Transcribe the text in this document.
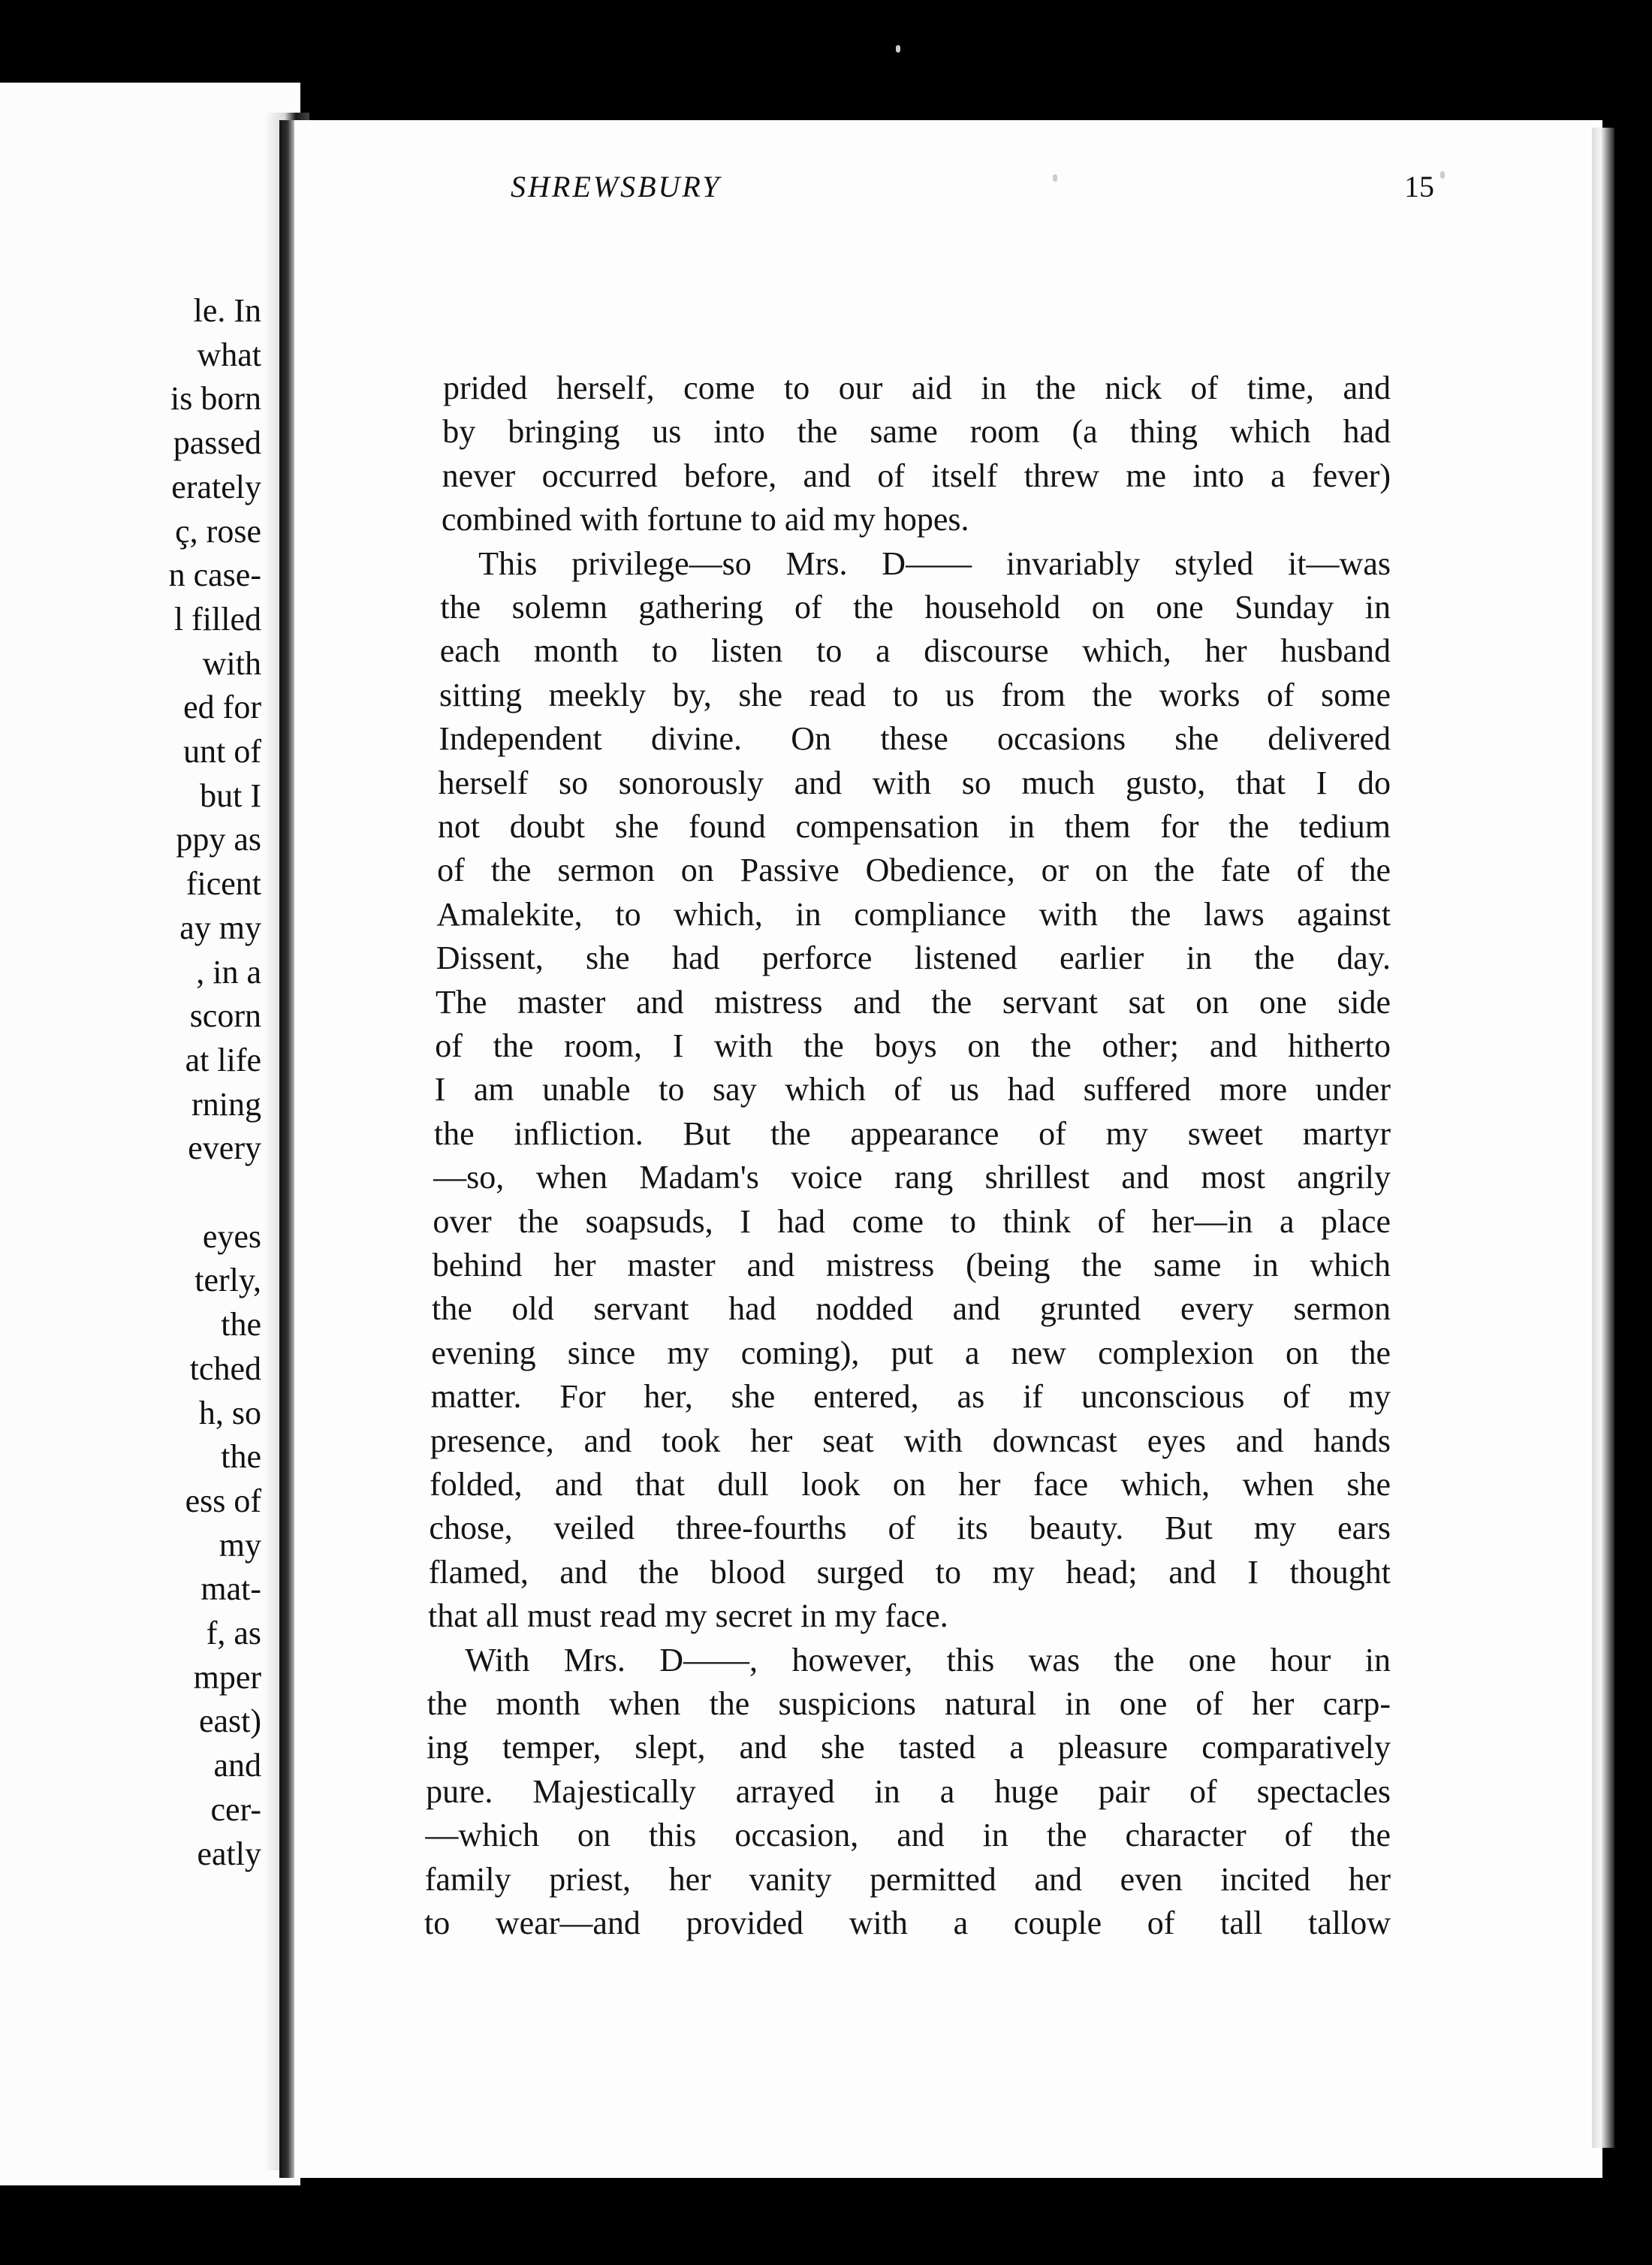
le. In
what
is born
passed
erately
ç, rose
n case-
l filled
with
ed for
unt of
but I
ppy as
ficent
ay my
, in a
scorn
at life
rning
every
eyes
terly,
the
tched
h, so
the
ess of
my
mat-
f, as
mper
east)
and
cer-
eatly
SHREWSBURY	15
prided herself, come to our aid in the nick of time, and
by bringing us into the same room (a thing which had
never occurred before, and of itself threw me into a fever)
combined with fortune to aid my hopes.
This privilege—so Mrs. D—— invariably styled it—was
the solemn gathering of the household on one Sunday in
each month to listen to a discourse which, her husband
sitting meekly by, she read to us from the works of some
Independent divine. On these occasions she delivered
herself so sonorously and with so much gusto, that I do
not doubt she found compensation in them for the tedium
of the sermon on Passive Obedience, or on the fate of the
Amalekite, to which, in compliance with the laws against
Dissent, she had perforce listened earlier in the day.
The master and mistress and the servant sat on one side
of the room, I with the boys on the other; and hitherto
I am unable to say which of us had suffered more under
the infliction. But the appearance of my sweet martyr
—so, when Madam's voice rang shrillest and most angrily
over the soapsuds, I had come to think of her—in a place
behind her master and mistress (being the same in which
the old servant had nodded and grunted every sermon
evening since my coming), put a new complexion on the
matter. For her, she entered, as if unconscious of my
presence, and took her seat with downcast eyes and hands
folded, and that dull look on her face which, when she
chose, veiled three-fourths of its beauty. But my ears
flamed, and the blood surged to my head; and I thought
that all must read my secret in my face.
With Mrs. D——, however, this was the one hour in
the month when the suspicions natural in one of her carp-
ing temper, slept, and she tasted a pleasure comparatively
pure. Majestically arrayed in a huge pair of spectacles
—which on this occasion, and in the character of the
family priest, her vanity permitted and even incited her
to wear—and provided with a couple of tall tallow
